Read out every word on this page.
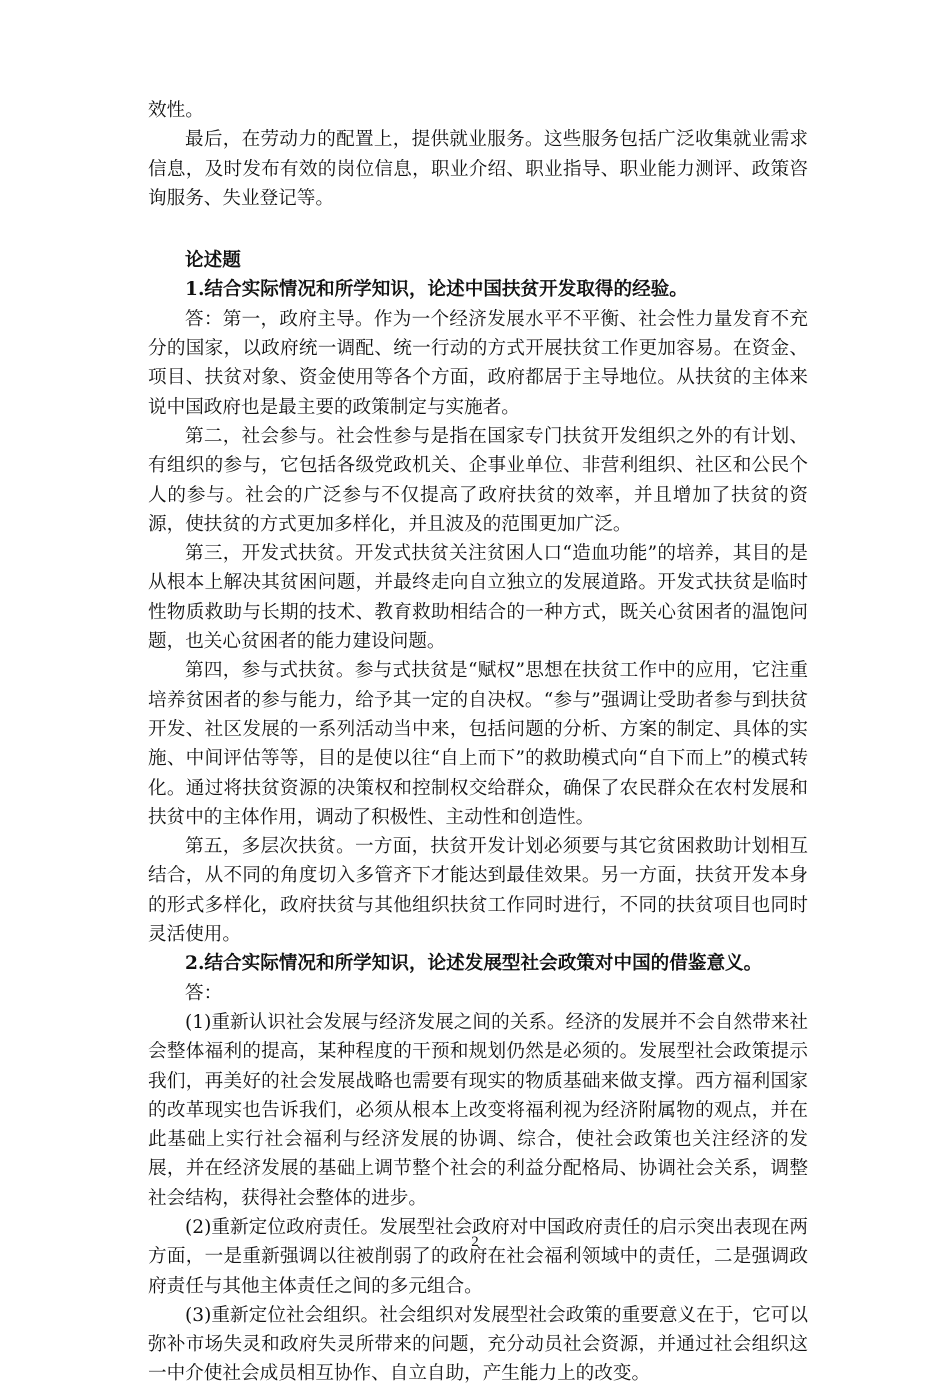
效性。

最后，在劳动力的配置上，提供就业服务。这些服务包括广泛收集就业需求信息，及时发布有效的岗位信息，职业介绍、职业指导、职业能力测评、政策咨询服务、失业登记等。

论述题

1.结合实际情况和所学知识，论述中国扶贫开发取得的经验。

答：第一，政府主导。作为一个经济发展水平不平衡、社会性力量发育不充分的国家，以政府统一调配、统一行动的方式开展扶贫工作更加容易。在资金、项目、扶贫对象、资金使用等各个方面，政府都居于主导地位。从扶贫的主体来说中国政府也是最主要的政策制定与实施者。

第二，社会参与。社会性参与是指在国家专门扶贫开发组织之外的有计划、有组织的参与，它包括各级党政机关、企事业单位、非营利组织、社区和公民个人的参与。社会的广泛参与不仅提高了政府扶贫的效率，并且增加了扶贫的资源，使扶贫的方式更加多样化，并且波及的范围更加广泛。

第三，开发式扶贫。开发式扶贫关注贫困人口“造血功能”的培养，其目的是从根本上解决其贫困问题，并最终走向自立独立的发展道路。开发式扶贫是临时性物质救助与长期的技术、教育救助相结合的一种方式，既关心贫困者的温饱问题，也关心贫困者的能力建设问题。

第四，参与式扶贫。参与式扶贫是“赋权”思想在扶贫工作中的应用，它注重培养贫困者的参与能力，给予其一定的自决权。“参与”强调让受助者参与到扶贫开发、社区发展的一系列活动当中来，包括问题的分析、方案的制定、具体的实施、中间评估等等，目的是使以往“自上而下”的救助模式向“自下而上”的模式转化。通过将扶贫资源的决策权和控制权交给群众，确保了农民群众在农村发展和扶贫中的主体作用，调动了积极性、主动性和创造性。

第五，多层次扶贫。一方面，扶贫开发计划必须要与其它贫困救助计划相互结合，从不同的角度切入多管齐下才能达到最佳效果。另一方面，扶贫开发本身的形式多样化，政府扶贫与其他组织扶贫工作同时进行，不同的扶贫项目也同时灵活使用。

2.结合实际情况和所学知识，论述发展型社会政策对中国的借鉴意义。

答：

(1)重新认识社会发展与经济发展之间的关系。经济的发展并不会自然带来社会整体福利的提高，某种程度的干预和规划仍然是必须的。发展型社会政策提示我们，再美好的社会发展战略也需要有现实的物质基础来做支撑。西方福利国家的改革现实也告诉我们，必须从根本上改变将福利视为经济附属物的观点，并在此基础上实行社会福利与经济发展的协调、综合，使社会政策也关注经济的发展，并在经济发展的基础上调节整个社会的利益分配格局、协调社会关系，调整社会结构，获得社会整体的进步。

(2)重新定位政府责任。发展型社会政府对中国政府责任的启示突出表现在两方面，一是重新强调以往被削弱了的政府在社会福利领域中的责任，二是强调政府责任与其他主体责任之间的多元组合。

(3)重新定位社会组织。社会组织对发展型社会政策的重要意义在于，它可以弥补市场失灵和政府失灵所带来的问题，充分动员社会资源，并通过社会组织这一中介使社会成员相互协作、自立自助，产生能力上的改变。

2
